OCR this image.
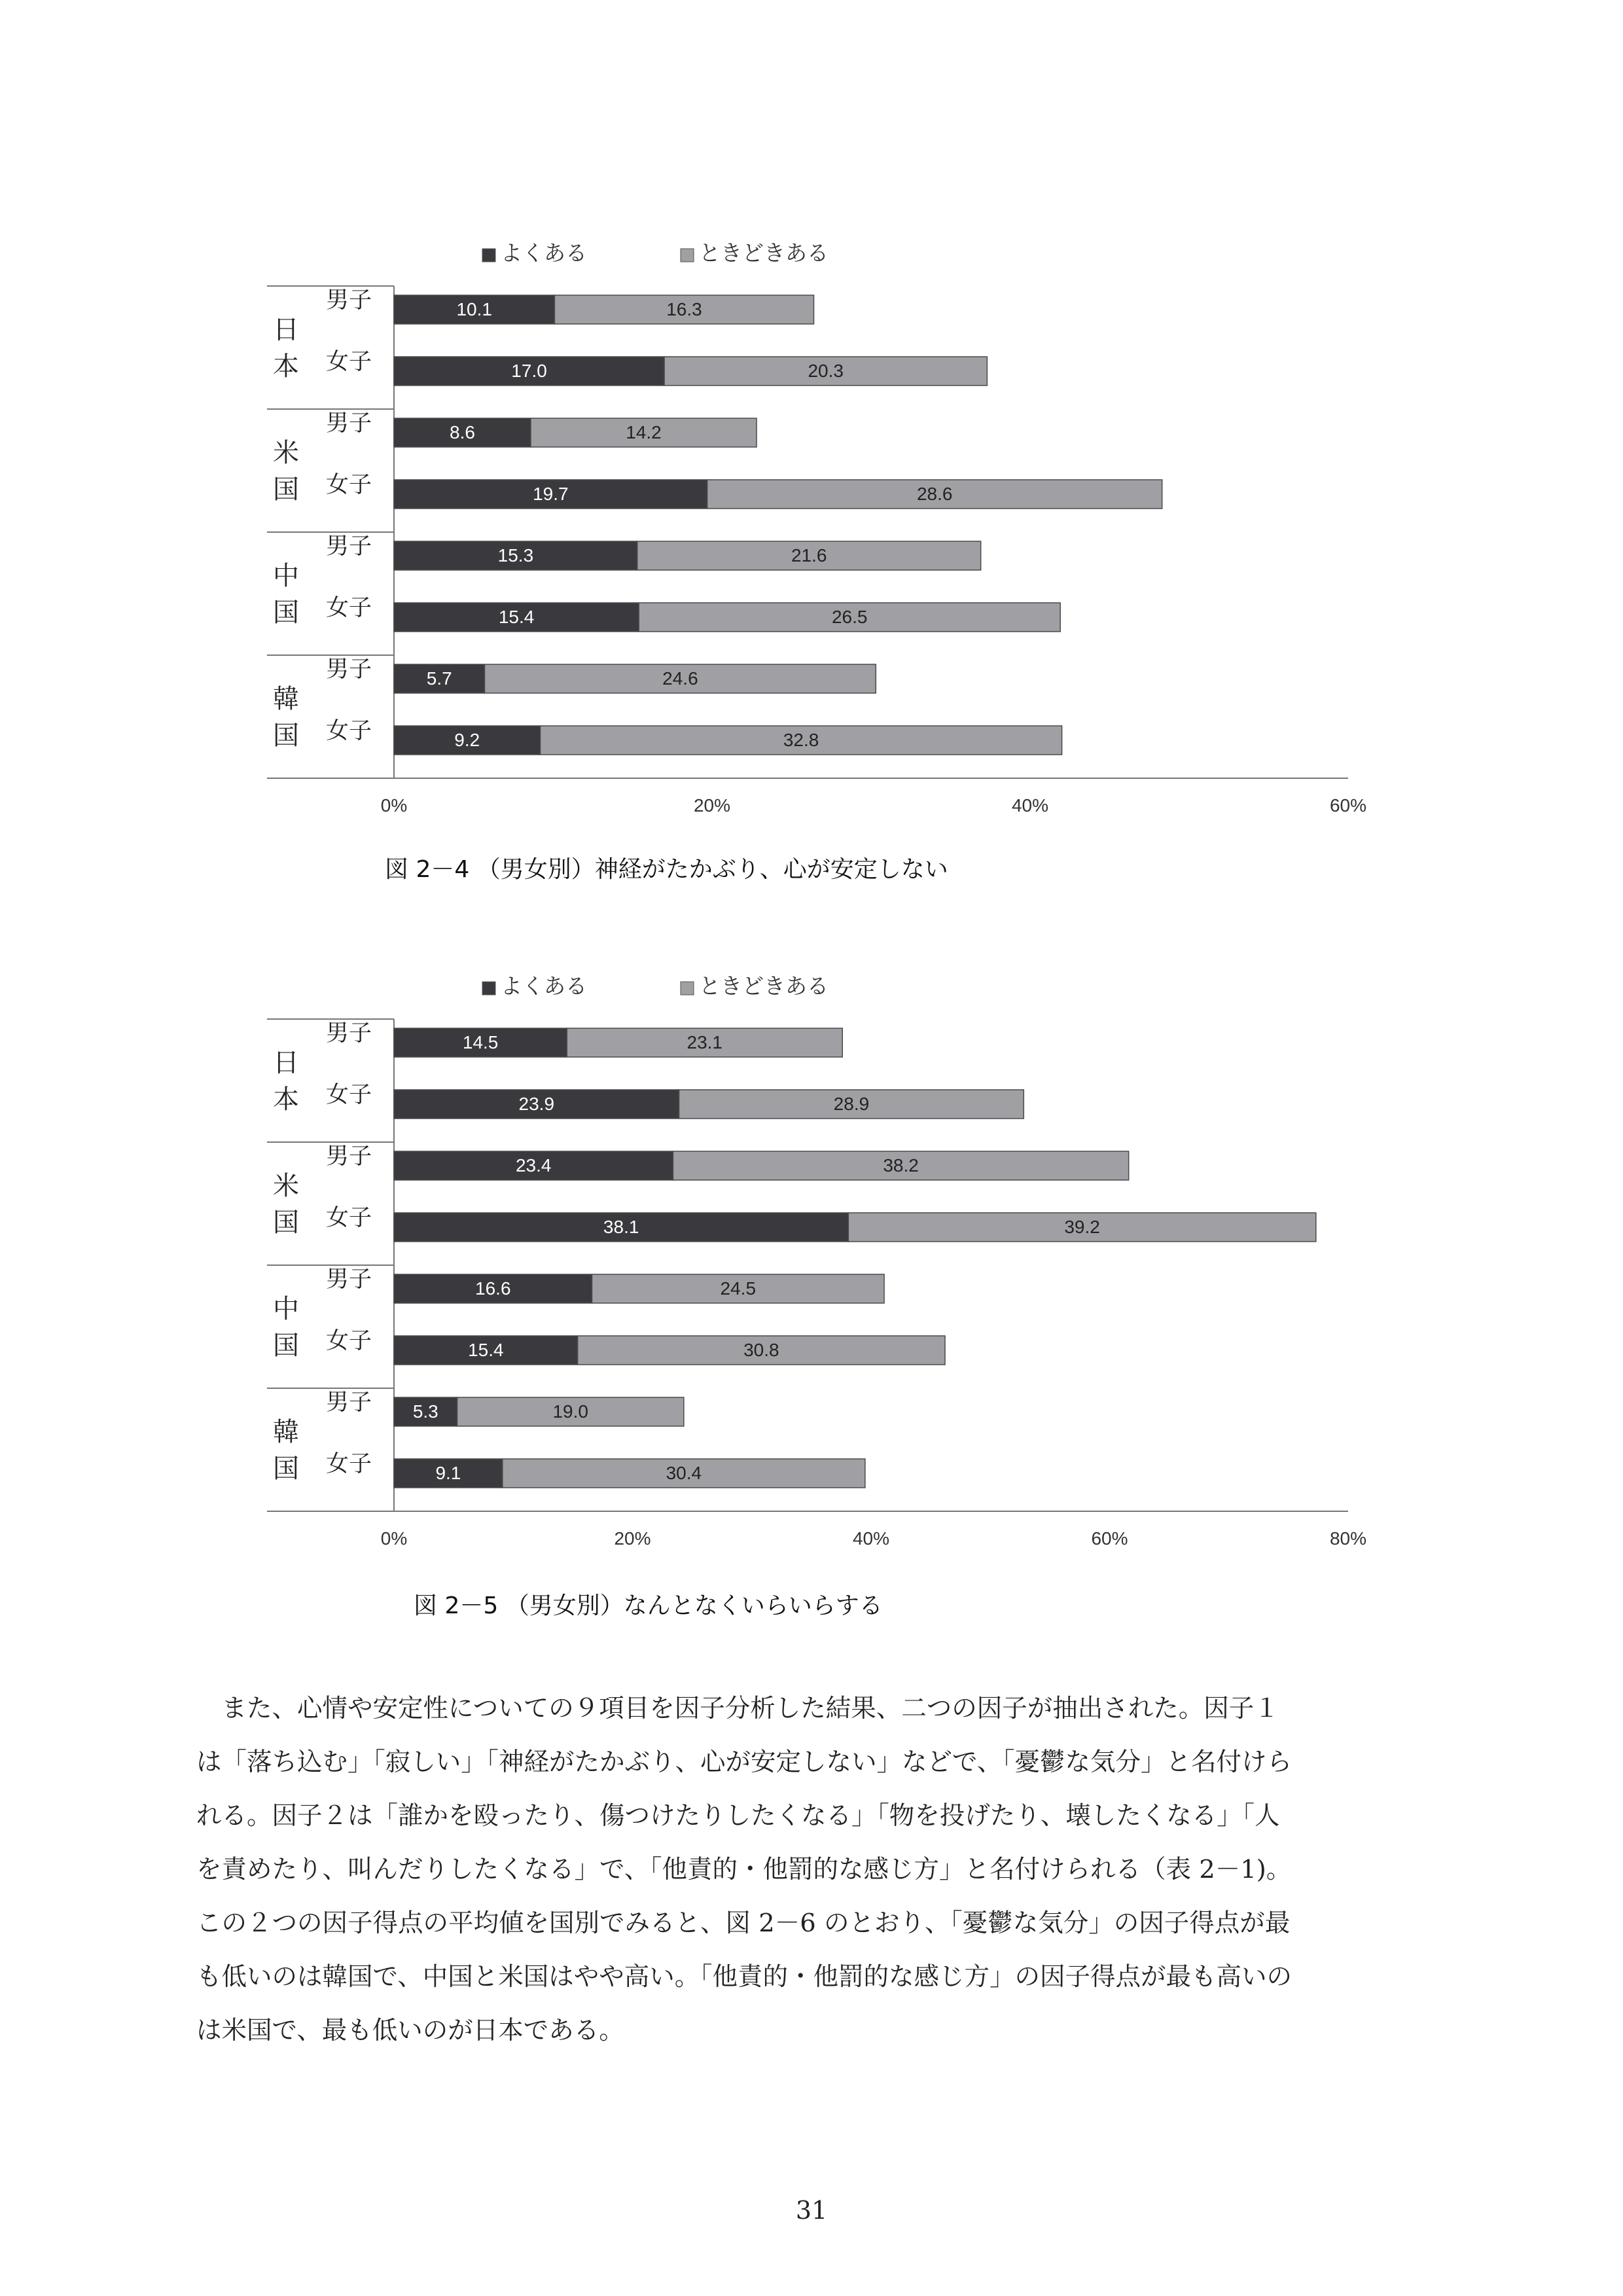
よくある	ときどきある
0%	20%	40%	60%
日
本
男子	10.1	16.3
女子	17.0	20.3
米
国
男子	8.6	14.2
女子	19.7	28.6
中
国
男子	15.3	21.6
女子	15.4	26.5
韓
国
男子	5.7	24.6
女子	9.2	32.8
図 2－4 （男女別）神経がたかぶり、心が安定しない
よくある	ときどきある
0%	20%	40%	60%	80%
日
本
男子	14.5	23.1
女子	23.9	28.9
米
国
男子	23.4	38.2
女子	38.1	39.2
中
国
男子	16.6	24.5
女子	15.4	30.8
韓
国
男子 5.3	19.0
女子	9.1	30.4
図 2－5 （男女別）なんとなくいらいらする

　また、心情や安定性についての９項目を因子分析した結果、二つの因子が抽出された。因子１

は「落ち込む」「寂しい」「神経がたかぶり、心が安定しない」などで、「憂鬱な気分」と名付けら

れる。因子２は「誰かを殴ったり、傷つけたりしたくなる」「物を投げたり、壊したくなる」「人

を責めたり、叫んだりしたくなる」で、「他責的・他罰的な感じ方」と名付けられる（表 2－1)。

この２つの因子得点の平均値を国別でみると、図 2－6 のとおり、「憂鬱な気分」の因子得点が最

も低いのは韓国で、中国と米国はやや高い。「他責的・他罰的な感じ方」の因子得点が最も高いの

は米国で、最も低いのが日本である。

31
